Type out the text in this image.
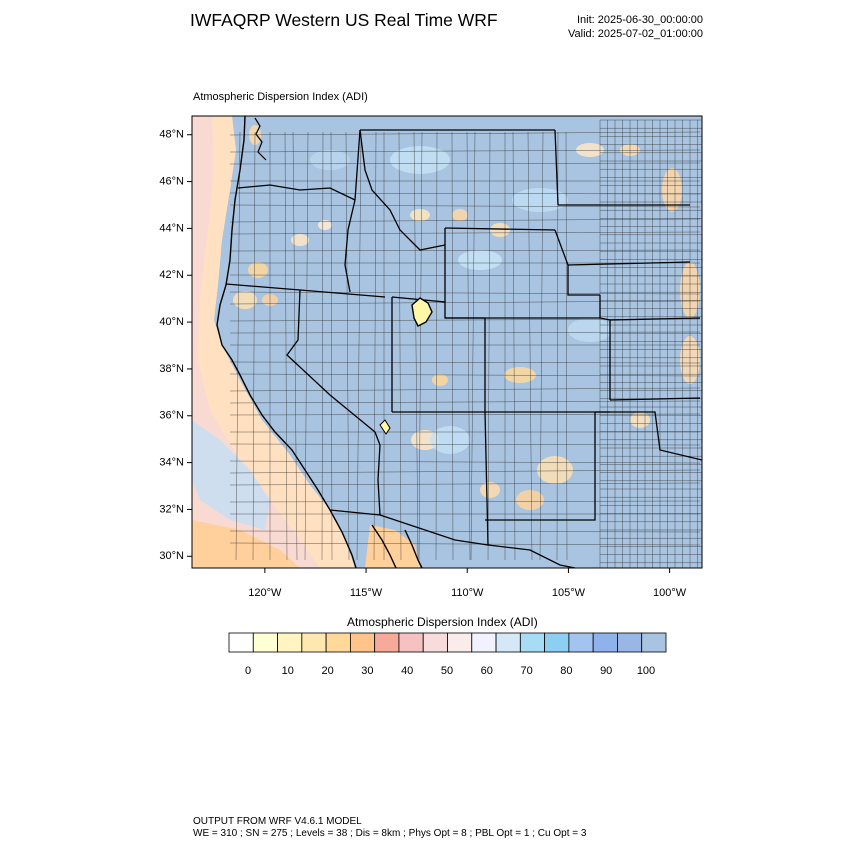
IWFAQRP Western US Real Time WRF	Init: 2025-06-30_00:00:00
Valid: 2025-07-02_01:00:00
Atmospheric Dispersion Index (ADI)
30°N
32°N
34°N
36°N
38°N
40°N
42°N
44°N
46°N
48°N
120°W	115°W	110°W	105°W	100°W
Atmospheric Dispersion Index (ADI)
0	10	20	30	40	50	60	70	80	90 100
OUTPUT FROM WRF V4.6.1 MODEL
WE = 310 ; SN = 275 ; Levels = 38 ; Dis = 8km ; Phys Opt = 8 ; PBL Opt = 1 ; Cu Opt = 3
